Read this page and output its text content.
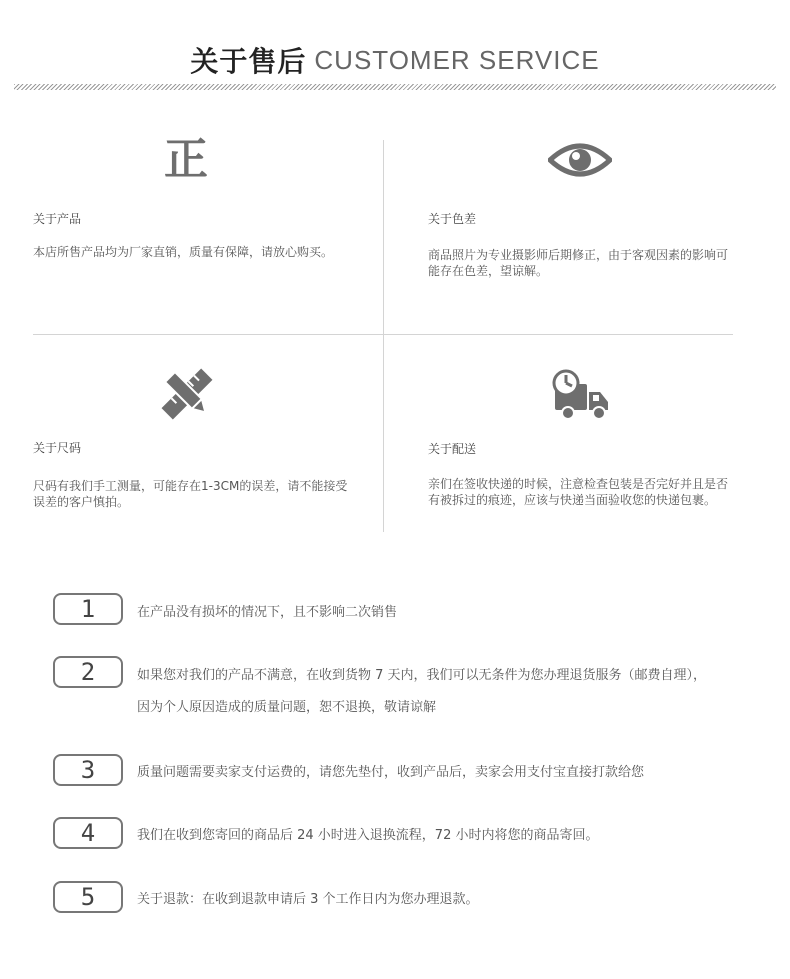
关于售后 CUSTOMER SERVICE
正
关于产品
本店所售产品均为厂家直销，质量有保障，请放心购买。
关于色差
商品照片为专业摄影师后期修正，由于客观因素的影响可能存在色差，望谅解。
关于尺码
尺码有我们手工测量，可能存在1-3CM的误差，请不能接受误差的客户慎拍。
关于配送
亲们在签收快递的时候，注意检查包装是否完好并且是否有被拆过的痕迹，应该与快递当面验收您的快递包裹。
1	在产品没有损坏的情况下，且不影响二次销售
2	如果您对我们的产品不满意，在收到货物 7 天内，我们可以无条件为您办理退货服务（邮费自理），
因为个人原因造成的质量问题，恕不退换，敬请谅解
3	质量问题需要卖家支付运费的，请您先垫付，收到产品后，卖家会用支付宝直接打款给您
4	我们在收到您寄回的商品后 24 小时进入退换流程，72 小时内将您的商品寄回。
5	关于退款：在收到退款申请后 3 个工作日内为您办理退款。
